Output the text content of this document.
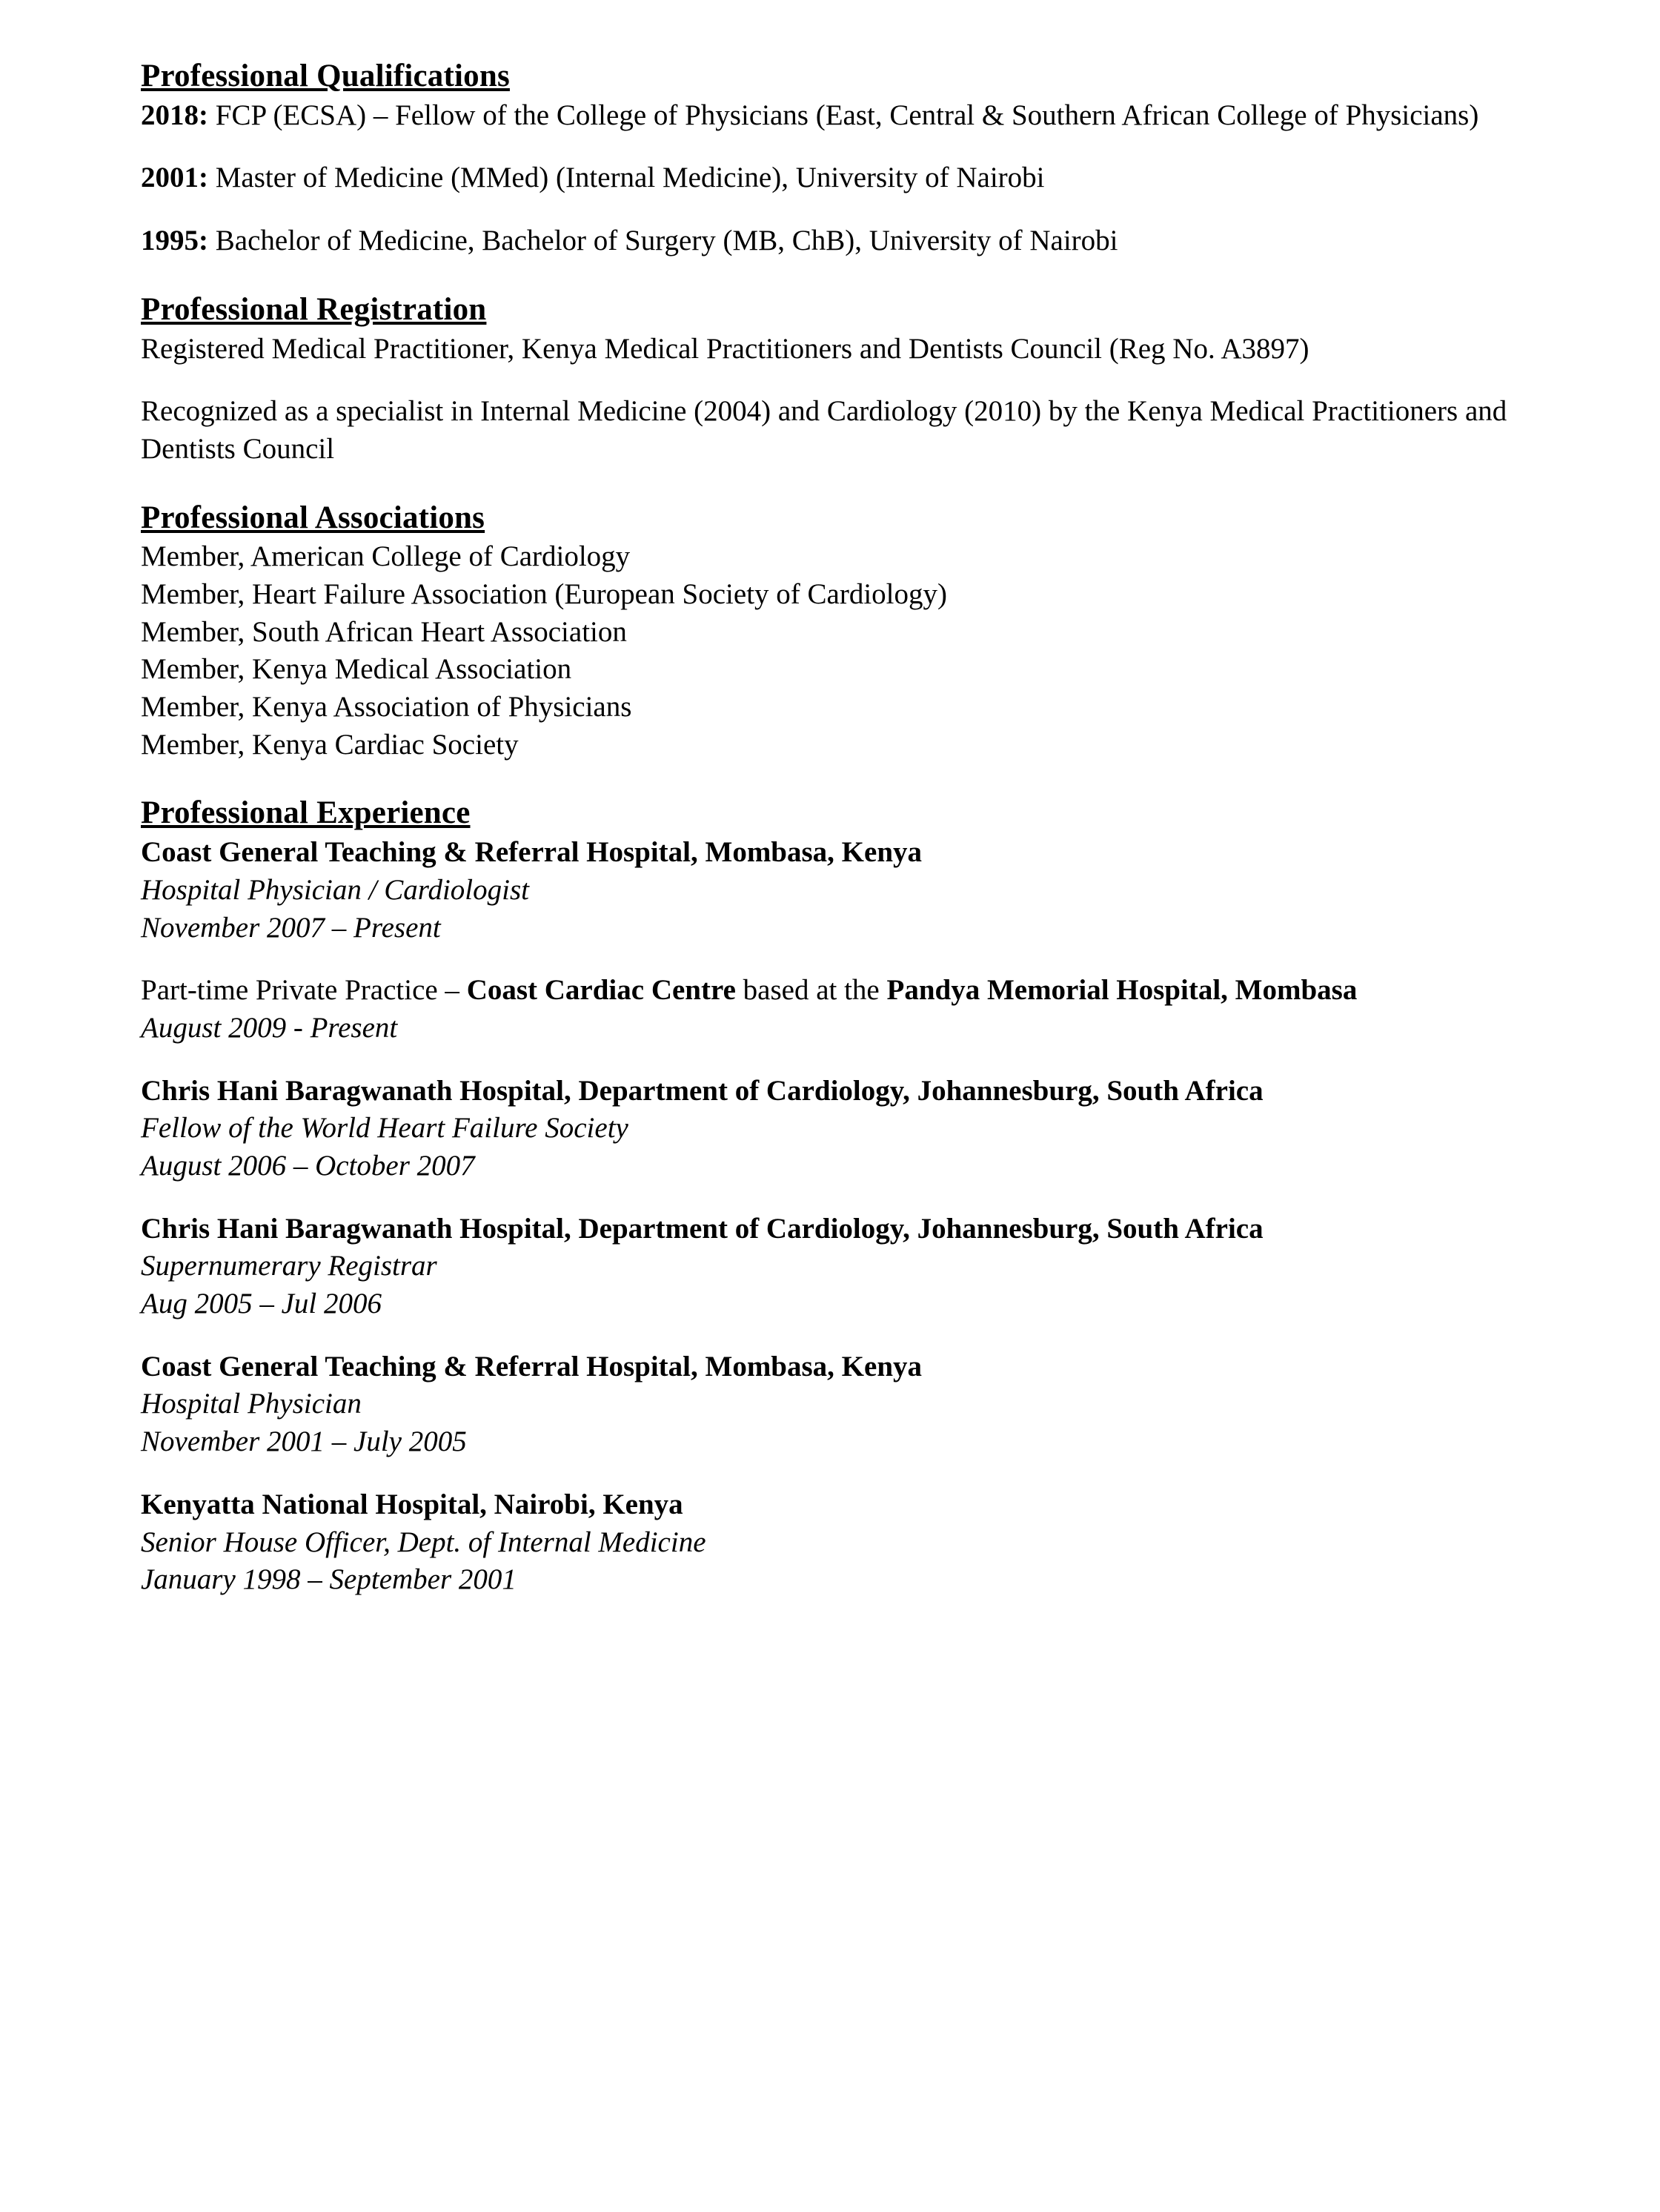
Professional Qualifications

2018: FCP (ECSA) – Fellow of the College of Physicians (East, Central & Southern African College of Physicians)

2001: Master of Medicine (MMed) (Internal Medicine), University of Nairobi

1995: Bachelor of Medicine, Bachelor of Surgery (MB, ChB), University of Nairobi

Professional Registration

Registered Medical Practitioner, Kenya Medical Practitioners and Dentists Council (Reg No. A3897)

Recognized as a specialist in Internal Medicine (2004) and Cardiology (2010) by the Kenya Medical Practitioners and Dentists Council

Professional Associations

Member, American College of Cardiology

Member, Heart Failure Association (European Society of Cardiology)

Member, South African Heart Association

Member, Kenya Medical Association

Member, Kenya Association of Physicians

Member, Kenya Cardiac Society

Professional Experience

Coast General Teaching & Referral Hospital, Mombasa, Kenya

Hospital Physician / Cardiologist

November 2007 – Present

Part-time Private Practice – Coast Cardiac Centre based at the Pandya Memorial Hospital, Mombasa

August 2009 - Present

Chris Hani Baragwanath Hospital, Department of Cardiology, Johannesburg, South Africa

Fellow of the World Heart Failure Society

August 2006 – October 2007

Chris Hani Baragwanath Hospital, Department of Cardiology, Johannesburg, South Africa

Supernumerary Registrar

Aug 2005 – Jul 2006

Coast General Teaching & Referral Hospital, Mombasa, Kenya

Hospital Physician

November 2001 – July 2005

Kenyatta National Hospital, Nairobi, Kenya

Senior House Officer, Dept. of Internal Medicine

January 1998 – September 2001
